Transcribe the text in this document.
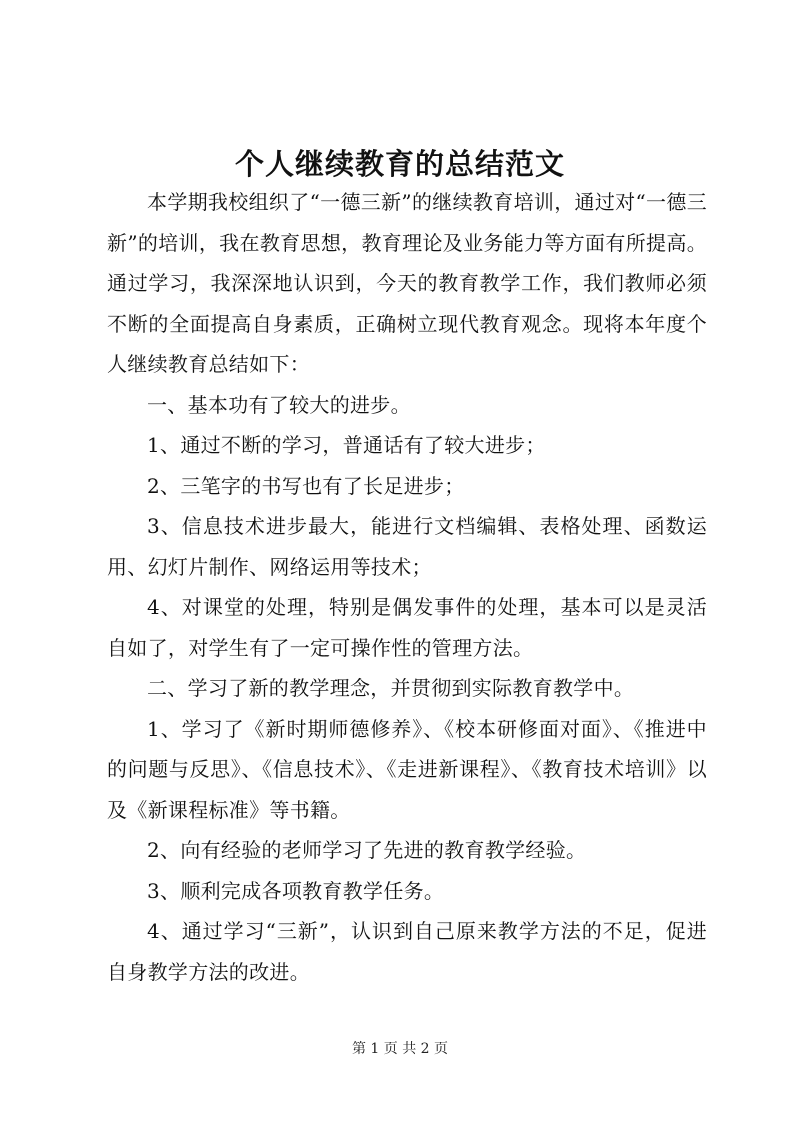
个人继续教育的总结范文

本学期我校组织了“一德三新”的继续教育培训，通过对“一德三新”的培训，我在教育思想，教育理论及业务能力等方面有所提高。通过学习，我深深地认识到，今天的教育教学工作，我们教师必须不断的全面提高自身素质，正确树立现代教育观念。现将本年度个人继续教育总结如下：

一、基本功有了较大的进步。

1、通过不断的学习，普通话有了较大进步；

2、三笔字的书写也有了长足进步；

3、信息技术进步最大，能进行文档编辑、表格处理、函数运用、幻灯片制作、网络运用等技术；

4、对课堂的处理，特别是偶发事件的处理，基本可以是灵活自如了，对学生有了一定可操作性的管理方法。

二、学习了新的教学理念，并贯彻到实际教育教学中。

1、学习了《新时期师德修养》、《校本研修面对面》、《推进中的问题与反思》、《信息技术》、《走进新课程》、《教育技术培训》以及《新课程标准》等书籍。

2、向有经验的老师学习了先进的教育教学经验。

3、顺利完成各项教育教学任务。

4、通过学习“三新”，认识到自己原来教学方法的不足，促进自身教学方法的改进。

第 1 页 共 2 页
